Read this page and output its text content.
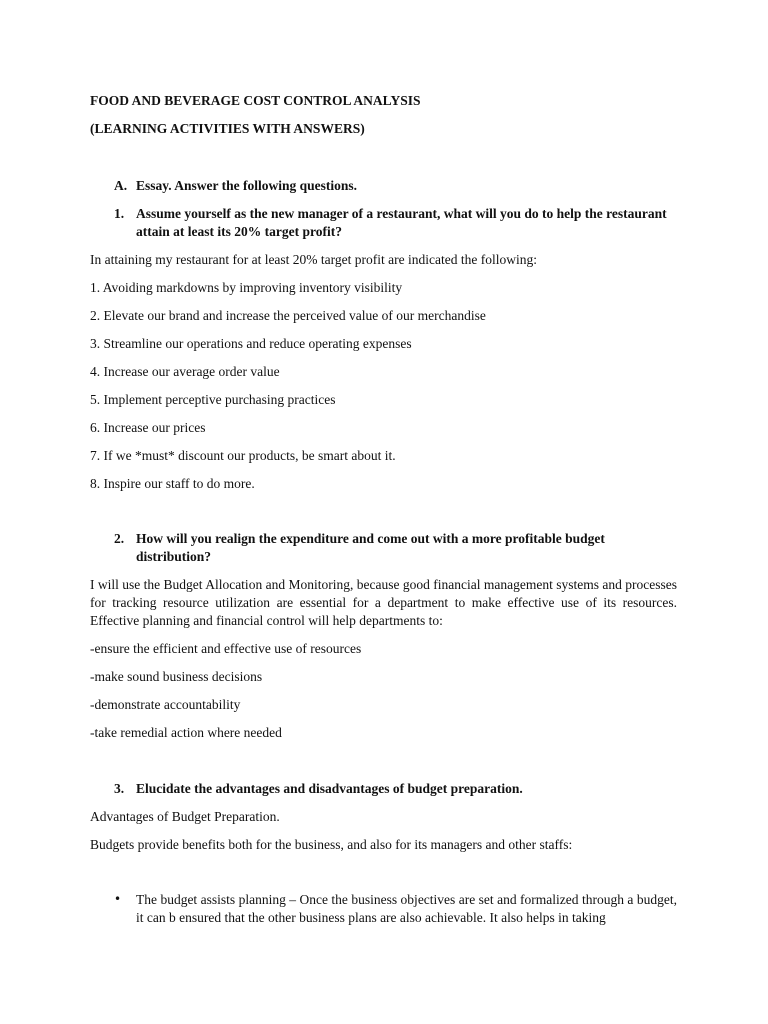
FOOD AND BEVERAGE COST CONTROL ANALYSIS

(LEARNING ACTIVITIES WITH ANSWERS)

A. Essay. Answer the following questions.

1. Assume yourself as the new manager of a restaurant, what will you do to help the restaurant attain at least its 20% target profit?

In attaining my restaurant for at least 20% target profit are indicated the following:

1. Avoiding markdowns by improving inventory visibility

2. Elevate our brand and increase the perceived value of our merchandise

3. Streamline our operations and reduce operating expenses

4. Increase our average order value

5. Implement perceptive purchasing practices

6. Increase our prices

7. If we *must* discount our products, be smart about it.

8. Inspire our staff to do more.

2. How will you realign the expenditure and come out with a more profitable budget distribution?

I will use the Budget Allocation and Monitoring, because good financial management systems and processes for tracking resource utilization are essential for a department to make effective use of its resources. Effective planning and financial control will help departments to:

-ensure the efficient and effective use of resources

-make sound business decisions

-demonstrate accountability

-take remedial action where needed

3. Elucidate the advantages and disadvantages of budget preparation.

Advantages of Budget Preparation.

Budgets provide benefits both for the business, and also for its managers and other staffs:

• The budget assists planning – Once the business objectives are set and formalized through a budget, it can b ensured that the other business plans are also achievable. It also helps in taking
